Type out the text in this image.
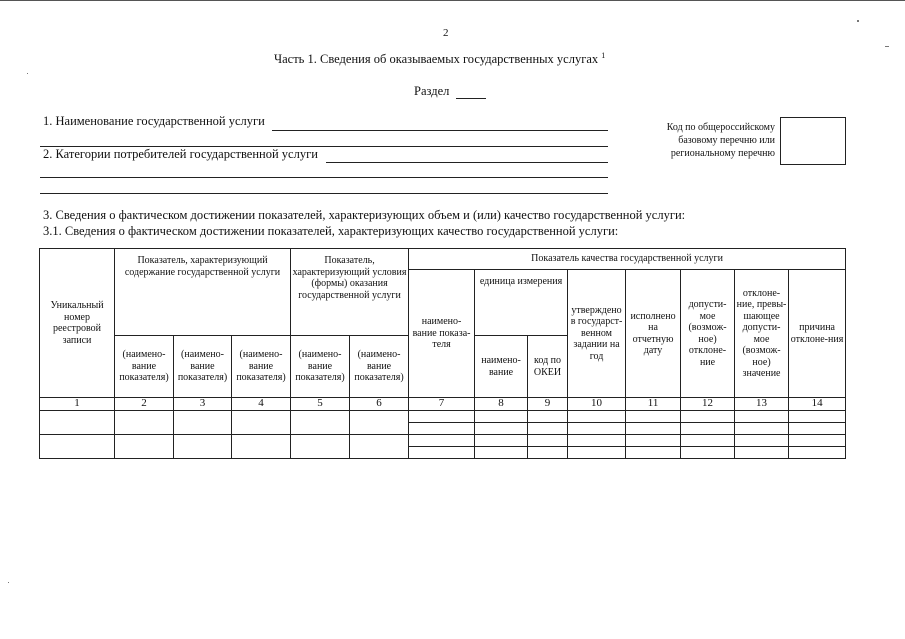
2
Часть 1. Сведения об оказываемых государственных услугах $^1$
Раздел
1. Наименование государственной услуги
2. Категории потребителей государственной услуги
Код по общероссийскому базовому перечню или региональному перечню
3. Сведения о фактическом достижении показателей, характеризующих объем и (или) качество государственной услуги:
3.1. Сведения о фактическом достижении показателей, характеризующих качество государственной услуги:
Уникальный номер реестровой записи	Показатель, характеризующий содержание государственной услуги			Показатель, характеризующий условия (формы) оказания государственной услуги		Показатель качества государственной услуги							
						наимено-вание показа-теля	единица измерения		утверждено в государст-венном задании на год	исполнено на отчетную дату	допусти-мое (возмож-ное) отклоне-ние	отклоне-ние, превы-шающее допусти-мое (возмож-ное) значение	причина отклоне-ния
	(наимено-вание показателя)	(наимено-вание показателя)	(наимено-вание показателя)	(наимено-вание показателя)	(наимено-вание показателя)		наимено-вание	код по ОКЕИ					
1	2	3	4	5	6	7	8	9	10	11	12	13	14
